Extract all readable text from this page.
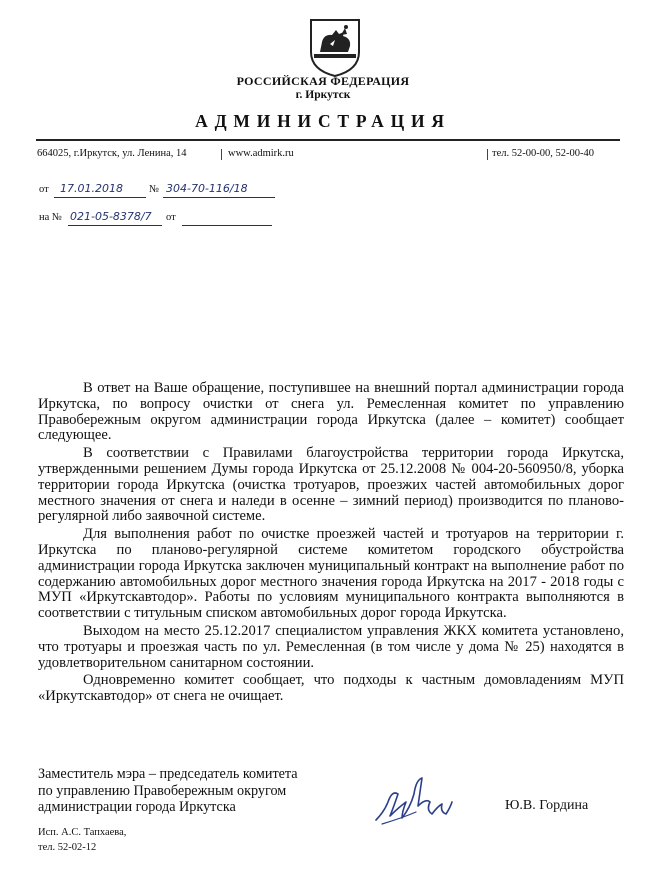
РОССИЙСКАЯ ФЕДЕРАЦИЯ
г. Иркутск
АДМИНИСТРАЦИЯ
664025, г.Иркутск, ул. Ленина, 14	www.admirk.ru	тел. 52-00-00, 52-00-40
от 17.01.2018 № 304-70-116/18
на № 021-05-8378/7 от

В ответ на Ваше обращение, поступившее на внешний портал администрации города Иркутска, по вопросу очистки от снега ул. Ремесленная комитет по управлению Правобережным округом администрации города Иркутска (далее – комитет) сообщает следующее.

В соответствии с Правилами благоустройства территории города Иркутска, утвержденными решением Думы города Иркутска от 25.12.2008 № 004-20-560950/8, уборка территории города Иркутска (очистка тротуаров, проезжих частей автомобильных дорог местного значения от снега и наледи в осенне – зимний период) производится по планово-регулярной либо заявочной системе.

Для выполнения работ по очистке проезжей частей и тротуаров на территории г. Иркутска по планово-регулярной системе комитетом городского обустройства администрации города Иркутска заключен муниципальный контракт на выполнение работ по содержанию автомобильных дорог местного значения города Иркутска на 2017 - 2018 годы с МУП «Иркутскавтодор». Работы по условиям муниципального контракта выполняются в соответствии с титульным списком автомобильных дорог города Иркутска.

Выходом на место 25.12.2017 специалистом управления ЖКХ комитета установлено, что тротуары и проезжая часть по ул. Ремесленная (в том числе у дома № 25) находятся в удовлетворительном санитарном состоянии.

Одновременно комитет сообщает, что подходы к частным домовладениям МУП «Иркутскавтодор» от снега не очищает.

Заместитель мэра – председатель комитета
по управлению Правобережным округом
администрации города Иркутска	Ю.В. Гордина
Исп. А.С. Тапхаева,
тел. 52-02-12
